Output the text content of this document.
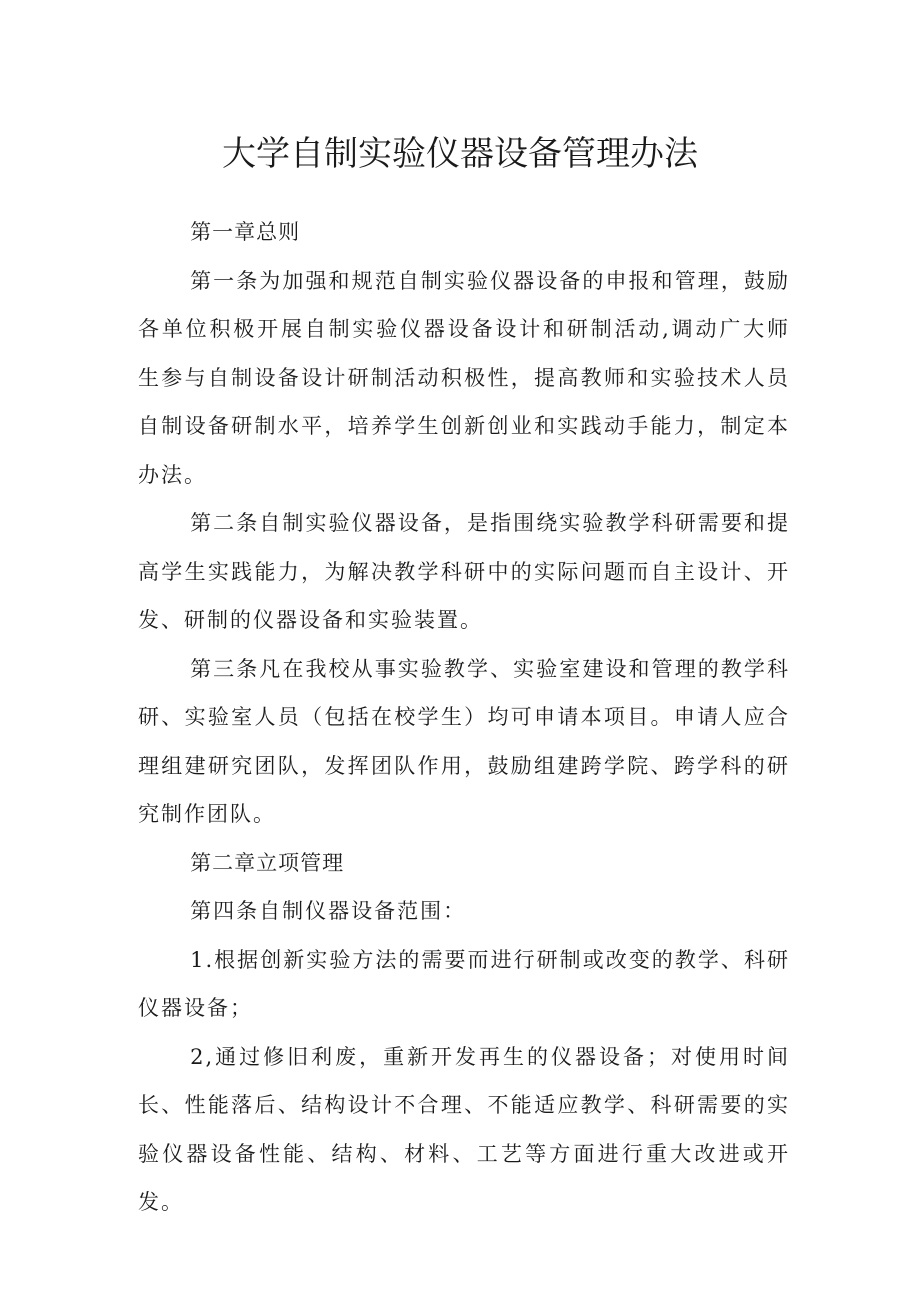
大学自制实验仪器设备管理办法

第一章总则

第一条为加强和规范自制实验仪器设备的申报和管理，鼓励各单位积极开展自制实验仪器设备设计和研制活动,调动广大师生参与自制设备设计研制活动积极性，提高教师和实验技术人员自制设备研制水平，培养学生创新创业和实践动手能力，制定本办法。

第二条自制实验仪器设备，是指围绕实验教学科研需要和提高学生实践能力，为解决教学科研中的实际问题而自主设计、开发、研制的仪器设备和实验装置。

第三条凡在我校从事实验教学、实验室建设和管理的教学科研、实验室人员（包括在校学生）均可申请本项目。申请人应合理组建研究团队，发挥团队作用，鼓励组建跨学院、跨学科的研究制作团队。

第二章立项管理

第四条自制仪器设备范围：

1.根据创新实验方法的需要而进行研制或改变的教学、科研仪器设备；

2,通过修旧利废，重新开发再生的仪器设备；对使用时间长、性能落后、结构设计不合理、不能适应教学、科研需要的实验仪器设备性能、结构、材料、工艺等方面进行重大改进或开发。
